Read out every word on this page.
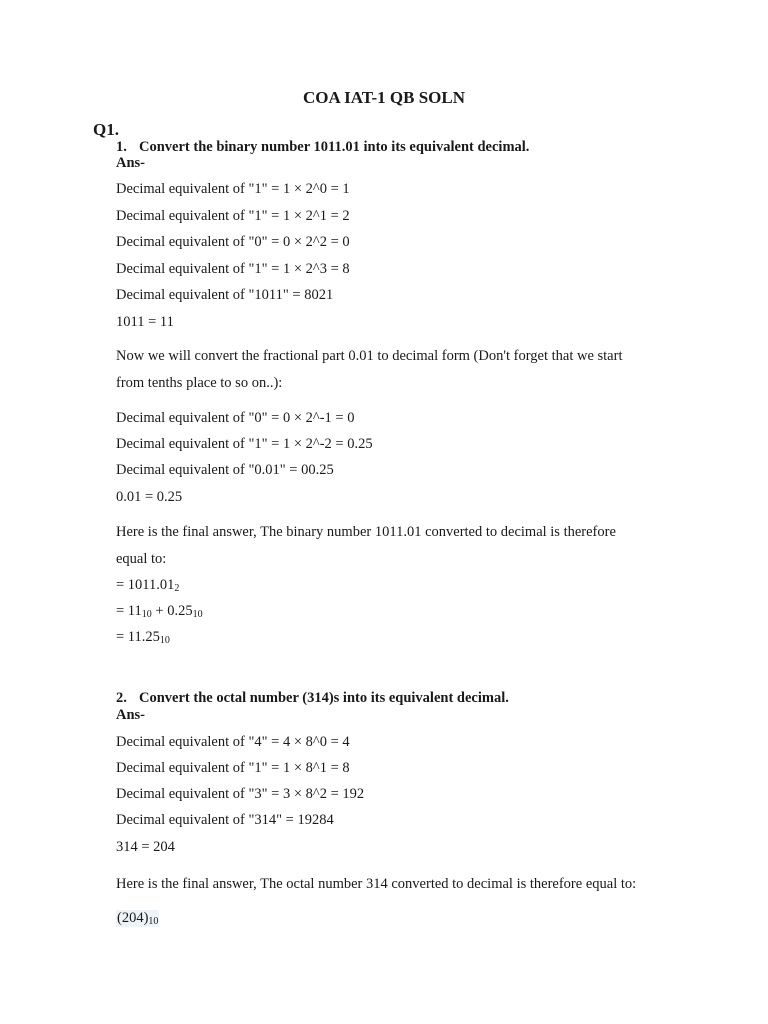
COA IAT-1 QB SOLN
Q1.
1. Convert the binary number 1011.01 into its equivalent decimal.
Ans-
Decimal equivalent of "1" = 1 × 2^0 = 1
Decimal equivalent of "1" = 1 × 2^1 = 2
Decimal equivalent of "0" = 0 × 2^2 = 0
Decimal equivalent of "1" = 1 × 2^3 = 8
Decimal equivalent of "1011" = 8021
1011 = 11
Now we will convert the fractional part 0.01 to decimal form (Don't forget that we start
from tenths place to so on..):
Decimal equivalent of "0" = 0 × 2^-1 = 0
Decimal equivalent of "1" = 1 × 2^-2 = 0.25
Decimal equivalent of "0.01" = 00.25
0.01 = 0.25
Here is the final answer, The binary number 1011.01 converted to decimal is therefore
equal to:
= $1011.01_2$
= $11_{10} + 0.25_{10}$
= $11.25_{10}$
2. Convert the octal number (314)s into its equivalent decimal.
Ans-
Decimal equivalent of "4" = 4 × 8^0 = 4
Decimal equivalent of "1" = 1 × 8^1 = 8
Decimal equivalent of "3" = 3 × 8^2 = 192
Decimal equivalent of "314" = 19284
314 = 204
Here is the final answer, The octal number 314 converted to decimal is therefore equal to:
$(204)_{10}$
